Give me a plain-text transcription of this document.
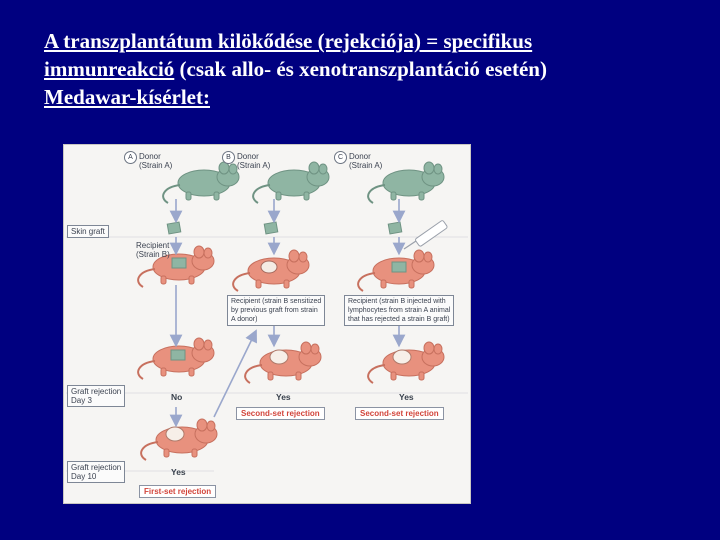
A transzplantátum kilökődése (rejekciója) = specifikus
immunreakció (csak allo- és xenotranszplantáció esetén)
Medawar-kísérlet:
A	B	C
Donor
(Strain A)
Donor
(Strain A)
Donor
(Strain A)
Skin graft
Graft rejection
Day 3
Graft rejection
Day 10
Recipient
(Strain B)
Recipient (strain B sensitized
by previous graft from strain
A donor)
Recipient (strain B injected with
lymphocytes from strain A animal
that has rejected a strain B graft)
No	Yes	Yes
Yes
Second-set rejection	Second-set rejection
First-set rejection
